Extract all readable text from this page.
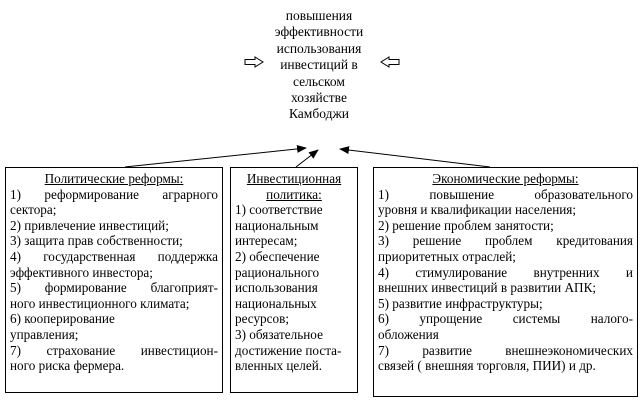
повышения
эффективности
использования
инвестиций в
сельском
хозяйстве
Камбоджи
Политические реформы:
1) реформирование аграрного
сектора;
2) привлечение инвестиций;
3) защита прав собственности;
4) государственная поддержка
эффективного инвестора;
5) формирование благоприят-
ного инвестиционного климата;
6) кооперирование
управления;
7) страхование инвестицион-
ного риска фермера.
Инвестиционная
политика:
1) соответствие
национальным
интересам;
2) обеспечение
рационального
использования
национальных
ресурсов;
3) обязательное
достижение поста-
вленных целей.
Экономические реформы:
1) повышение образовательного
уровня и квалификации населения;
2) решение проблем занятости;
3) решение проблем кредитования
приоритетных отраслей;
4) стимулирование внутренних и
внешних инвестиций в развитии АПК;
5) развитие инфраструктуры;
6) упрощение системы налого-
обложения
7) развитие внешнеэкономических
связей ( внешняя торговля, ПИИ) и др.
